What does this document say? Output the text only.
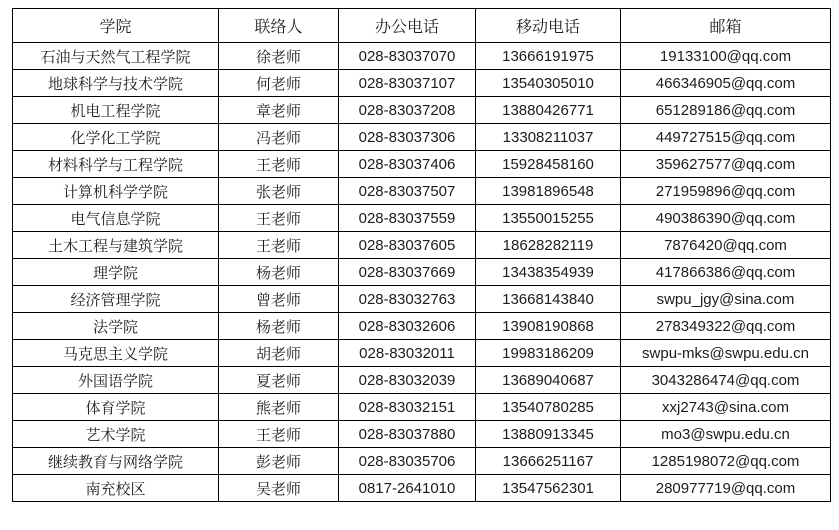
学院	联络人	办公电话	移动电话	邮箱
石油与天然气工程学院	徐老师	028-83037070	13666191975	19133100@qq.com
地球科学与技术学院	何老师	028-83037107	13540305010	466346905@qq.com
机电工程学院	章老师	028-83037208	13880426771	651289186@qq.com
化学化工学院	冯老师	028-83037306	13308211037	449727515@qq.com
材料科学与工程学院	王老师	028-83037406	15928458160	359627577@qq.com
计算机科学学院	张老师	028-83037507	13981896548	271959896@qq.com
电气信息学院	王老师	028-83037559	13550015255	490386390@qq.com
土木工程与建筑学院	王老师	028-83037605	18628282119	7876420@qq.com
理学院	杨老师	028-83037669	13438354939	417866386@qq.com
经济管理学院	曾老师	028-83032763	13668143840	swpu_jgy@sina.com
法学院	杨老师	028-83032606	13908190868	278349322@qq.com
马克思主义学院	胡老师	028-83032011	19983186209	swpu-mks@swpu.edu.cn
外国语学院	夏老师	028-83032039	13689040687	3043286474@qq.com
体育学院	熊老师	028-83032151	13540780285	xxj2743@sina.com
艺术学院	王老师	028-83037880	13880913345	mo3@swpu.edu.cn
继续教育与网络学院	彭老师	028-83035706	13666251167	1285198072@qq.com
南充校区	吴老师	0817-2641010	13547562301	280977719@qq.com
